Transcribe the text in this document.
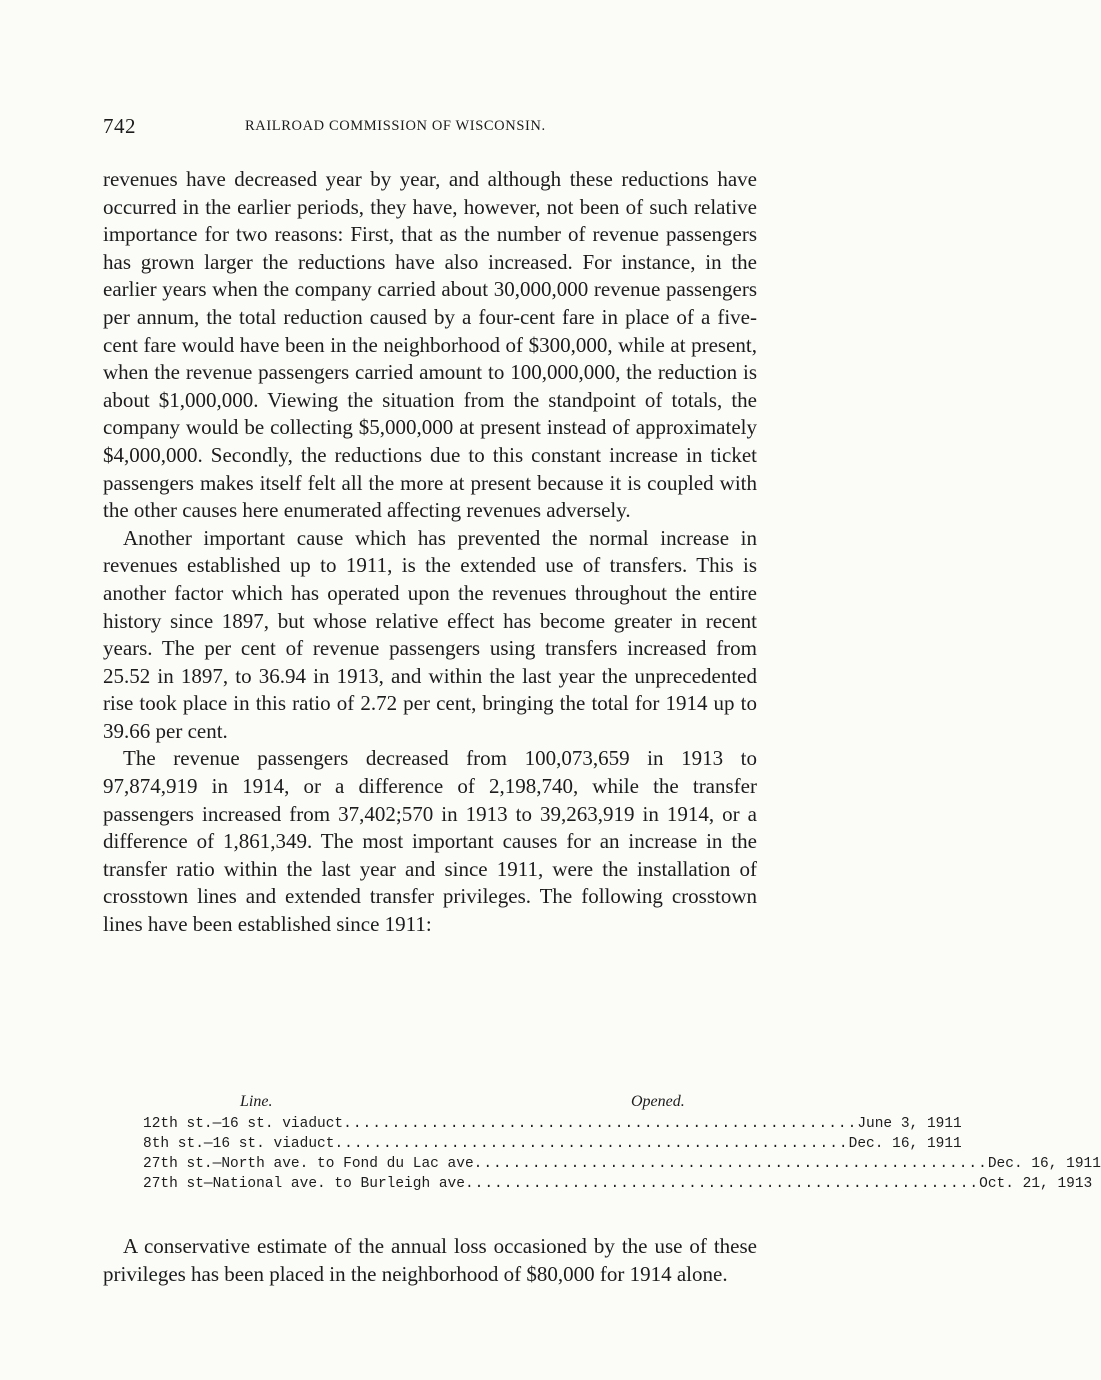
742	RAILROAD COMMISSION OF WISCONSIN.

revenues have decreased year by year, and although these reductions have occurred in the earlier periods, they have, however, not been of such relative importance for two reasons: First, that as the number of revenue passengers has grown larger the reductions have also increased. For instance, in the earlier years when the company carried about 30,000,000 revenue passengers per annum, the total reduction caused by a four-cent fare in place of a five-cent fare would have been in the neighborhood of $300,000, while at present, when the revenue passengers carried amount to 100,000,000, the reduction is about $1,000,000. Viewing the situation from the standpoint of totals, the company would be collecting $5,000,000 at present instead of approximately $4,000,000. Secondly, the reductions due to this constant increase in ticket passengers makes itself felt all the more at present because it is coupled with the other causes here enumerated affecting revenues adversely.

Another important cause which has prevented the normal increase in revenues established up to 1911, is the extended use of transfers. This is another factor which has operated upon the revenues throughout the entire history since 1897, but whose relative effect has become greater in recent years. The per cent of revenue passengers using transfers increased from 25.52 in 1897, to 36.94 in 1913, and within the last year the unprecedented rise took place in this ratio of 2.72 per cent, bringing the total for 1914 up to 39.66 per cent.

The revenue passengers decreased from 100,073,659 in 1913 to 97,874,919 in 1914, or a difference of 2,198,740, while the transfer passengers increased from 37,402;570 in 1913 to 39,263,919 in 1914, or a difference of 1,861,349. The most important causes for an increase in the transfer ratio within the last year and since 1911, were the installation of crosstown lines and extended transfer privileges. The following crosstown lines have been established since 1911:

Line.	Opened.
12th st.—16 st. viaduct ..................................................... June 3, 1911
8th st.—16 st. viaduct ..................................................... Dec. 16, 1911
27th st.—North ave. to Fond du Lac ave ..................................................... Dec. 16, 1911
27th st—National ave. to Burleigh ave ..................................................... Oct. 21, 1913

A conservative estimate of the annual loss occasioned by the use of these privileges has been placed in the neighborhood of $80,000 for 1914 alone.
